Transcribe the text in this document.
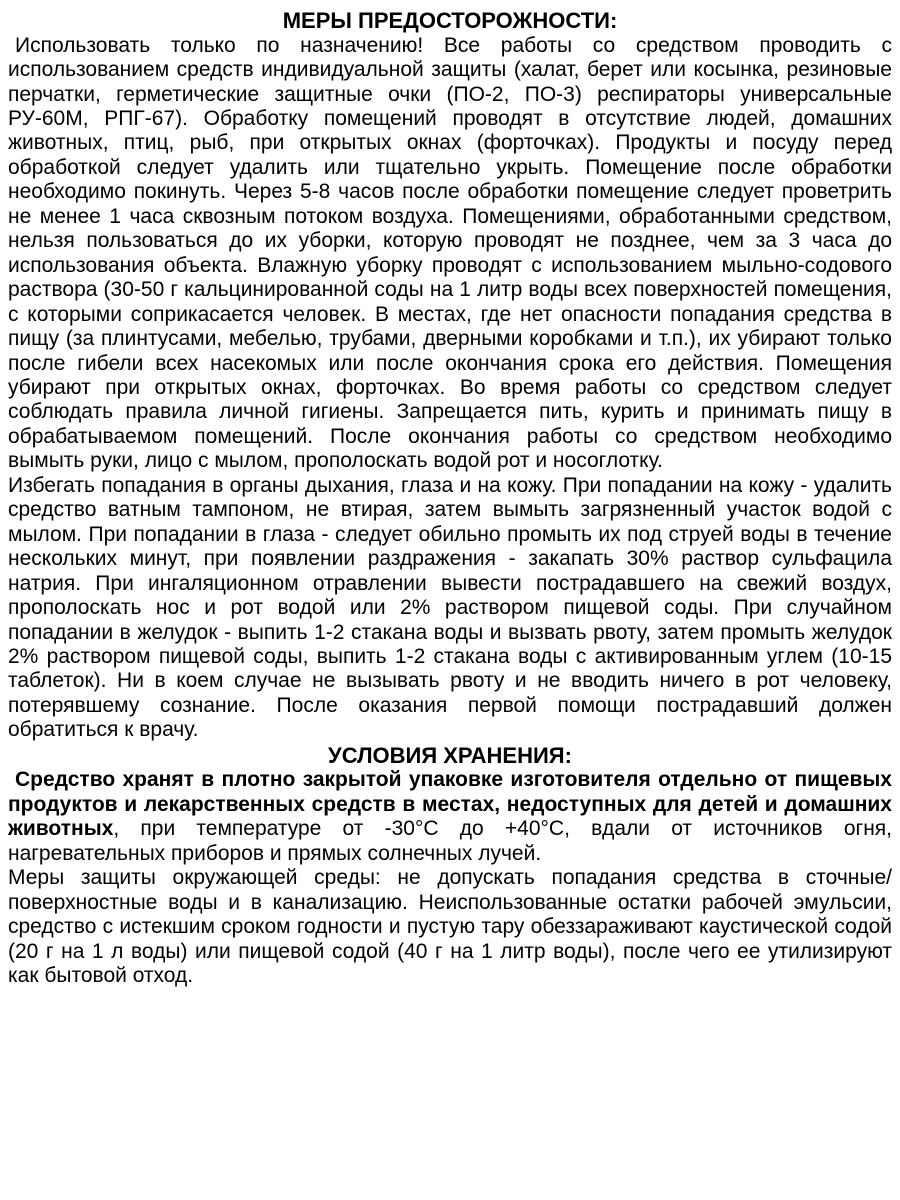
МЕРЫ ПРЕДОСТОРОЖНОСТИ:

Использовать только по назначению! Все работы со средством проводить с использованием средств индивидуальной защиты (халат, берет или косынка, резиновые перчатки, герметические защитные очки (ПО-2, ПО-3) респираторы универсальные РУ-60М, РПГ-67). Обработку помещений проводят в отсутствие людей, домашних животных, птиц, рыб, при открытых окнах (форточках). Продукты и посуду перед обработкой следует удалить или тщательно укрыть. Помещение после обработки необходимо покинуть. Через 5-8 часов после обработки помещение следует проветрить не менее 1 часа сквозным потоком воздуха. Помещениями, обработанными средством, нельзя пользоваться до их уборки, которую проводят не позднее, чем за 3 часа до использования объекта. Влажную уборку проводят с использованием мыльно-содового раствора (30-50 г кальцинированной соды на 1 литр воды всех поверхностей помещения, с которыми соприкасается человек. В местах, где нет опасности попадания средства в пищу (за плинтусами, мебелью, трубами, дверными коробками и т.п.), их убирают только после гибели всех насекомых или после окончания срока его действия. Помещения убирают при открытых окнах, форточках. Во время работы со средством следует соблюдать правила личной гигиены. Запрещается пить, курить и принимать пищу в обрабатываемом помещений. После окончания работы со средством необходимо вымыть руки, лицо с мылом, прополоскать водой рот и носоглотку.

Избегать попадания в органы дыхания, глаза и на кожу. При попадании на кожу - удалить средство ватным тампоном, не втирая, затем вымыть загрязненный участок водой с мылом. При попадании в глаза - следует обильно промыть их под струей воды в течение нескольких минут, при появлении раздражения - закапать 30% раствор сульфацила натрия. При ингаляционном отравлении вывести пострадавшего на свежий воздух, прополоскать нос и рот водой или 2% раствором пищевой соды. При случайном попадании в желудок - выпить 1-2 стакана воды и вызвать рвоту, затем промыть желудок 2% раствором пищевой соды, выпить 1-2 стакана воды с активированным углем (10-15 таблеток). Ни в коем случае не вызывать рвоту и не вводить ничего в рот человеку, потерявшему сознание. После оказания первой помощи пострадавший должен обратиться к врачу.

УСЛОВИЯ ХРАНЕНИЯ:

Средство хранят в плотно закрытой упаковке изготовителя отдельно от пищевых продуктов и лекарственных средств в местах, недоступных для детей и домашних животных, при температуре от -30°С до +40°С, вдали от источников огня, нагревательных приборов и прямых солнечных лучей.

Меры защиты окружающей среды: не допускать попадания средства в сточные/поверхностные воды и в канализацию. Неиспользованные остатки рабочей эмульсии, средство с истекшим сроком годности и пустую тару обеззараживают каустической содой (20 г на 1 л воды) или пищевой содой (40 г на 1 литр воды), после чего ее утилизируют как бытовой отход.
